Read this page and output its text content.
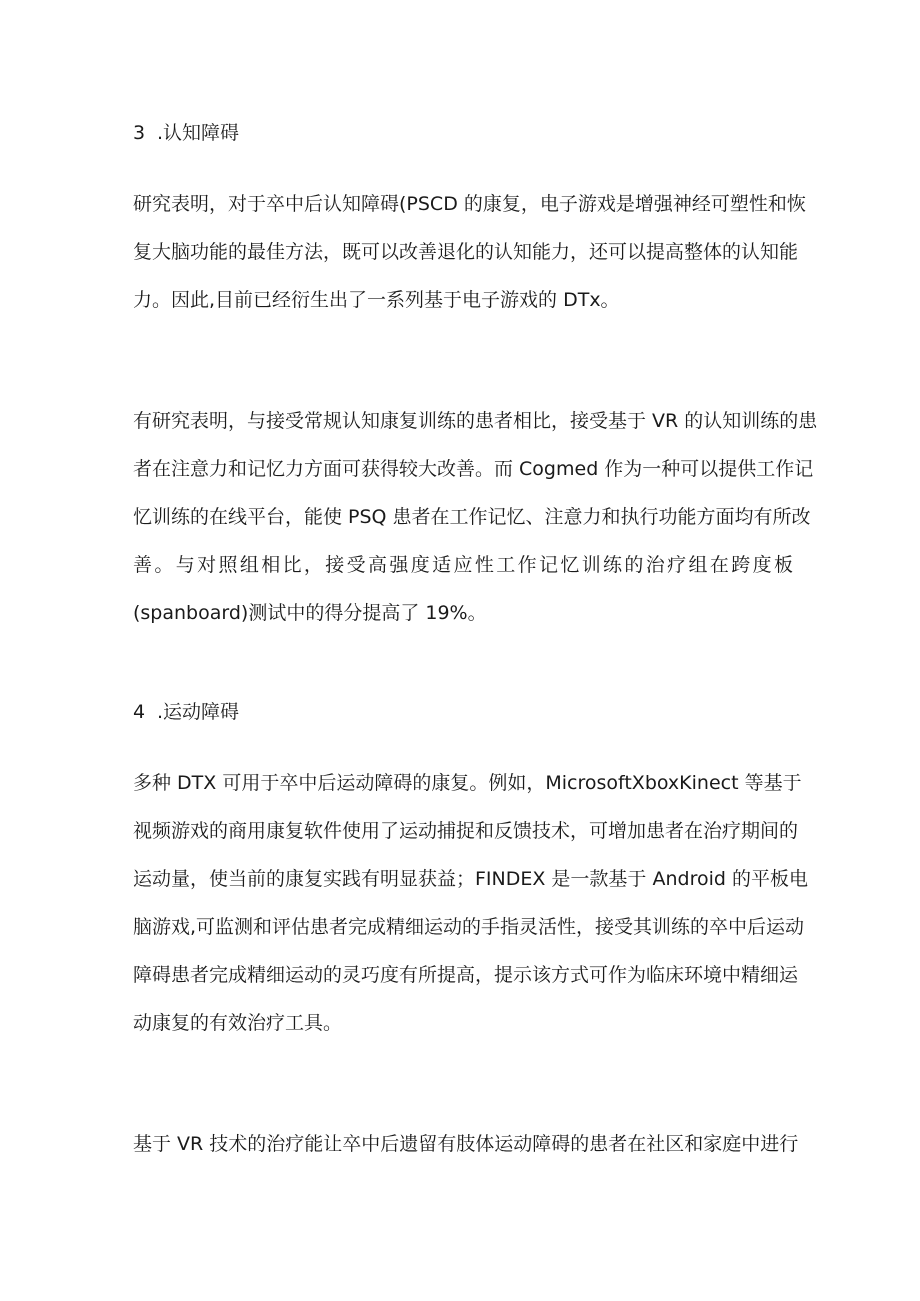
3 .认知障碍

研究表明，对于卒中后认知障碍(PSCD 的康复，电子游戏是增强神经可塑性和恢
复大脑功能的最佳方法，既可以改善退化的认知能力，还可以提高整体的认知能
力。因此,目前已经衍生出了一系列基于电子游戏的 DTx。

有研究表明，与接受常规认知康复训练的患者相比，接受基于 VR 的认知训练的患
者在注意力和记忆力方面可获得较大改善。而 Cogmed 作为一种可以提供工作记
忆训练的在线平台，能使 PSQ 患者在工作记忆、注意力和执行功能方面均有所改
善。与对照组相比，接受高强度适应性工作记忆训练的治疗组在跨度板
(spanboard)测试中的得分提高了 19%。

4 .运动障碍

多种 DTX 可用于卒中后运动障碍的康复。例如，MicrosoftXboxKinect 等基于
视频游戏的商用康复软件使用了运动捕捉和反馈技术，可增加患者在治疗期间的
运动量，使当前的康复实践有明显获益；FINDEX 是一款基于 Android 的平板电
脑游戏,可监测和评估患者完成精细运动的手指灵活性，接受其训练的卒中后运动
障碍患者完成精细运动的灵巧度有所提高，提示该方式可作为临床环境中精细运
动康复的有效治疗工具。

基于 VR 技术的治疗能让卒中后遗留有肢体运动障碍的患者在社区和家庭中进行
